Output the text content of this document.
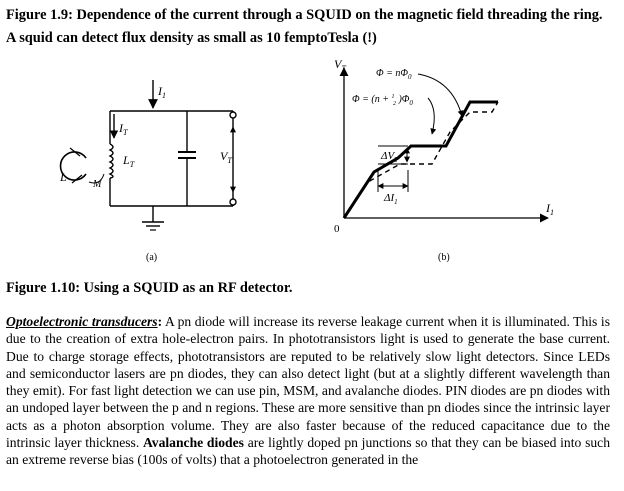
Figure 1.9: Dependence of the current through a SQUID on the magnetic field threading the ring. A squid can detect flux density as small as 10 femptoTesla (!)
$I_1$
$I_T$
$L_T$
L
M
$V_T$
(a)
$V_T$
$I_1$
0
$\Phi = n\Phi_0$
Φ = (n + $^1$ 2 )$\Phi_0$
$\Delta V_T$
$\Delta I_1$
(b)
Figure 1.10: Using a SQUID as an RF detector.
Optoelectronic transducers: A pn diode will increase its reverse leakage current when it is illuminated. This is due to the creation of extra hole-electron pairs. In phototransistors light is used to generate the base current. Due to charge storage effects, phototransistors are reputed to be relatively slow light detectors. Since LEDs and semiconductor lasers are pn diodes, they can also detect light (but at a slightly different wavelength than they emit). For fast light detection we can use pin, MSM, and avalanche diodes. PIN diodes are pn diodes with an undoped layer between the p and n regions. These are more sensitive than pn diodes since the intrinsic layer acts as a photon absorption volume. They are also faster because of the reduced capacitance due to the intrinsic layer thickness. Avalanche diodes are lightly doped pn junctions so that they can be biased into such an extreme reverse bias (100s of volts) that a photoelectron generated in the
